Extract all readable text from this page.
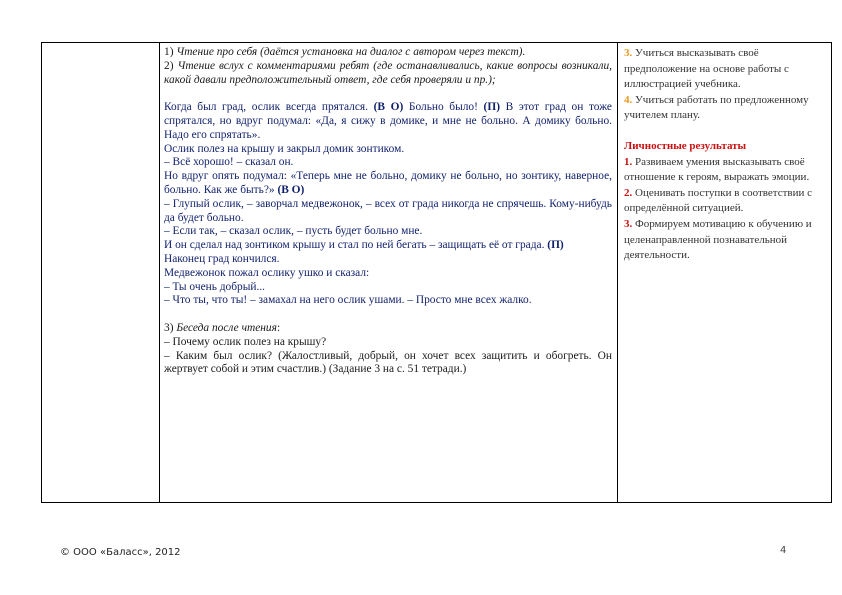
1) Чтение про себя (даётся установка на диалог с автором через текст).

2) Чтение вслух с комментариями ребят (где останавливались, какие вопросы возникали, какой давали предположительный ответ, где себя проверяли и пр.);

Когда был град, ослик всегда прятался. (В О) Больно было! (П) В этот град он тоже спрятался, но вдруг подумал: «Да, я сижу в домике, и мне не больно. А домику больно. Надо его спрятать».

Ослик полез на крышу и закрыл домик зонтиком.

– Всё хорошо! – сказал он.

Но вдруг опять подумал: «Теперь мне не больно, домику не больно, но зонтику, наверное, больно. Как же быть?» (В О)

– Глупый ослик, – заворчал медвежонок, – всех от града никогда не спрячешь. Кому-нибудь да будет больно.

– Если так, – сказал ослик, – пусть будет больно мне.

И он сделал над зонтиком крышу и стал по ней бегать – защищать её от града. (П)

Наконец град кончился.

Медвежонок пожал ослику ушко и сказал:

– Ты очень добрый...

– Что ты, что ты! – замахал на него ослик ушами. – Просто мне всех жалко.

3) Беседа после чтения:

– Почему ослик полез на крышу?

– Каким был ослик? (Жалостливый, добрый, он хочет всех защитить и обогреть. Он жертвует собой и этим счастлив.) (Задание 3 на с. 51 тетради.)

3. Учиться высказывать своё предположение на основе работы с иллюстрацией учебника.

4. Учиться работать по предложенному учителем плану.

Личностные результаты

1. Развиваем умения высказывать своё отношение к героям, выражать эмоции.

2. Оценивать поступки в соответствии с определённой ситуацией.

3. Формируем мотивацию к обучению и целенаправленной познавательной деятельности.

© ООО «Баласс», 2012	4
